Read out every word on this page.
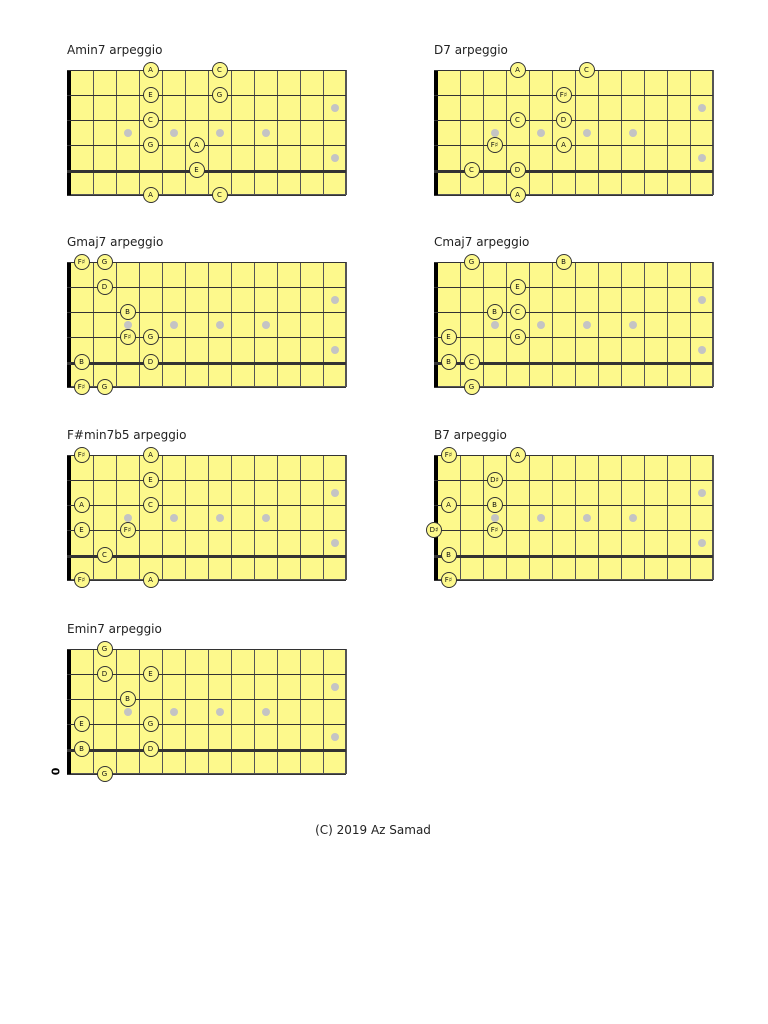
Amin7 arpeggio
A	C
E	G
C
G	A
E
A	C
D7 arpeggio
A	C
F♯
C	D
F♯	A
C	D
A
Gmaj7 arpeggio
F♯	G
D
B
F♯	G
B	D
F♯	G
Cmaj7 arpeggio
G	B
E
B	C
E	G
B	C
G
F#min7b5 arpeggio
F♯	A
E
A	C
E	F♯
C
F♯	A
B7 arpeggio
F♯	A
D♯
A	B
D♯	F♯
B
F♯
Emin7 arpeggio
G
D	E
B
E	G
B	D
G
0
(C) 2019 Az Samad
